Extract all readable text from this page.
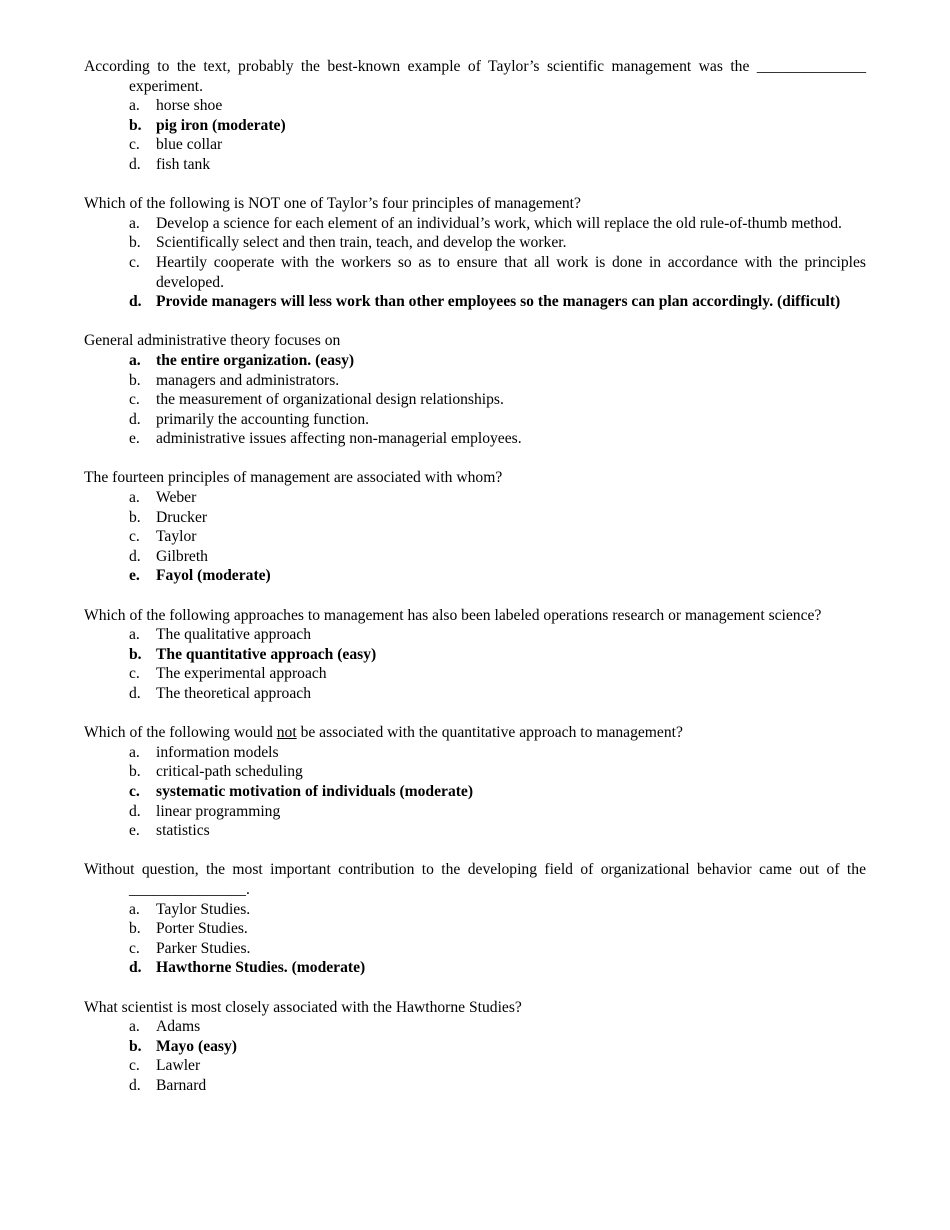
According to the text, probably the best-known example of Taylor’s scientific management was the ______________ experiment.
a. horse shoe
b. pig iron (moderate)
c. blue collar
d. fish tank
Which of the following is NOT one of Taylor’s four principles of management?
a. Develop a science for each element of an individual’s work, which will replace the old rule-of-thumb method.
b. Scientifically select and then train, teach, and develop the worker.
c. Heartily cooperate with the workers so as to ensure that all work is done in accordance with the principles developed.
d. Provide managers will less work than other employees so the managers can plan accordingly. (difficult)
General administrative theory focuses on
a. the entire organization. (easy)
b. managers and administrators.
c. the measurement of organizational design relationships.
d. primarily the accounting function.
e. administrative issues affecting non-managerial employees.
The fourteen principles of management are associated with whom?
a. Weber
b. Drucker
c. Taylor
d. Gilbreth
e. Fayol (moderate)
Which of the following approaches to management has also been labeled operations research or management science?
a. The qualitative approach
b. The quantitative approach (easy)
c. The experimental approach
d. The theoretical approach
Which of the following would not be associated with the quantitative approach to management?
a. information models
b. critical-path scheduling
c. systematic motivation of individuals (moderate)
d. linear programming
e. statistics
Without question, the most important contribution to the developing field of organizational behavior came out of the _______________.
a. Taylor Studies.
b. Porter Studies.
c. Parker Studies.
d. Hawthorne Studies. (moderate)
What scientist is most closely associated with the Hawthorne Studies?
a. Adams
b. Mayo (easy)
c. Lawler
d. Barnard
